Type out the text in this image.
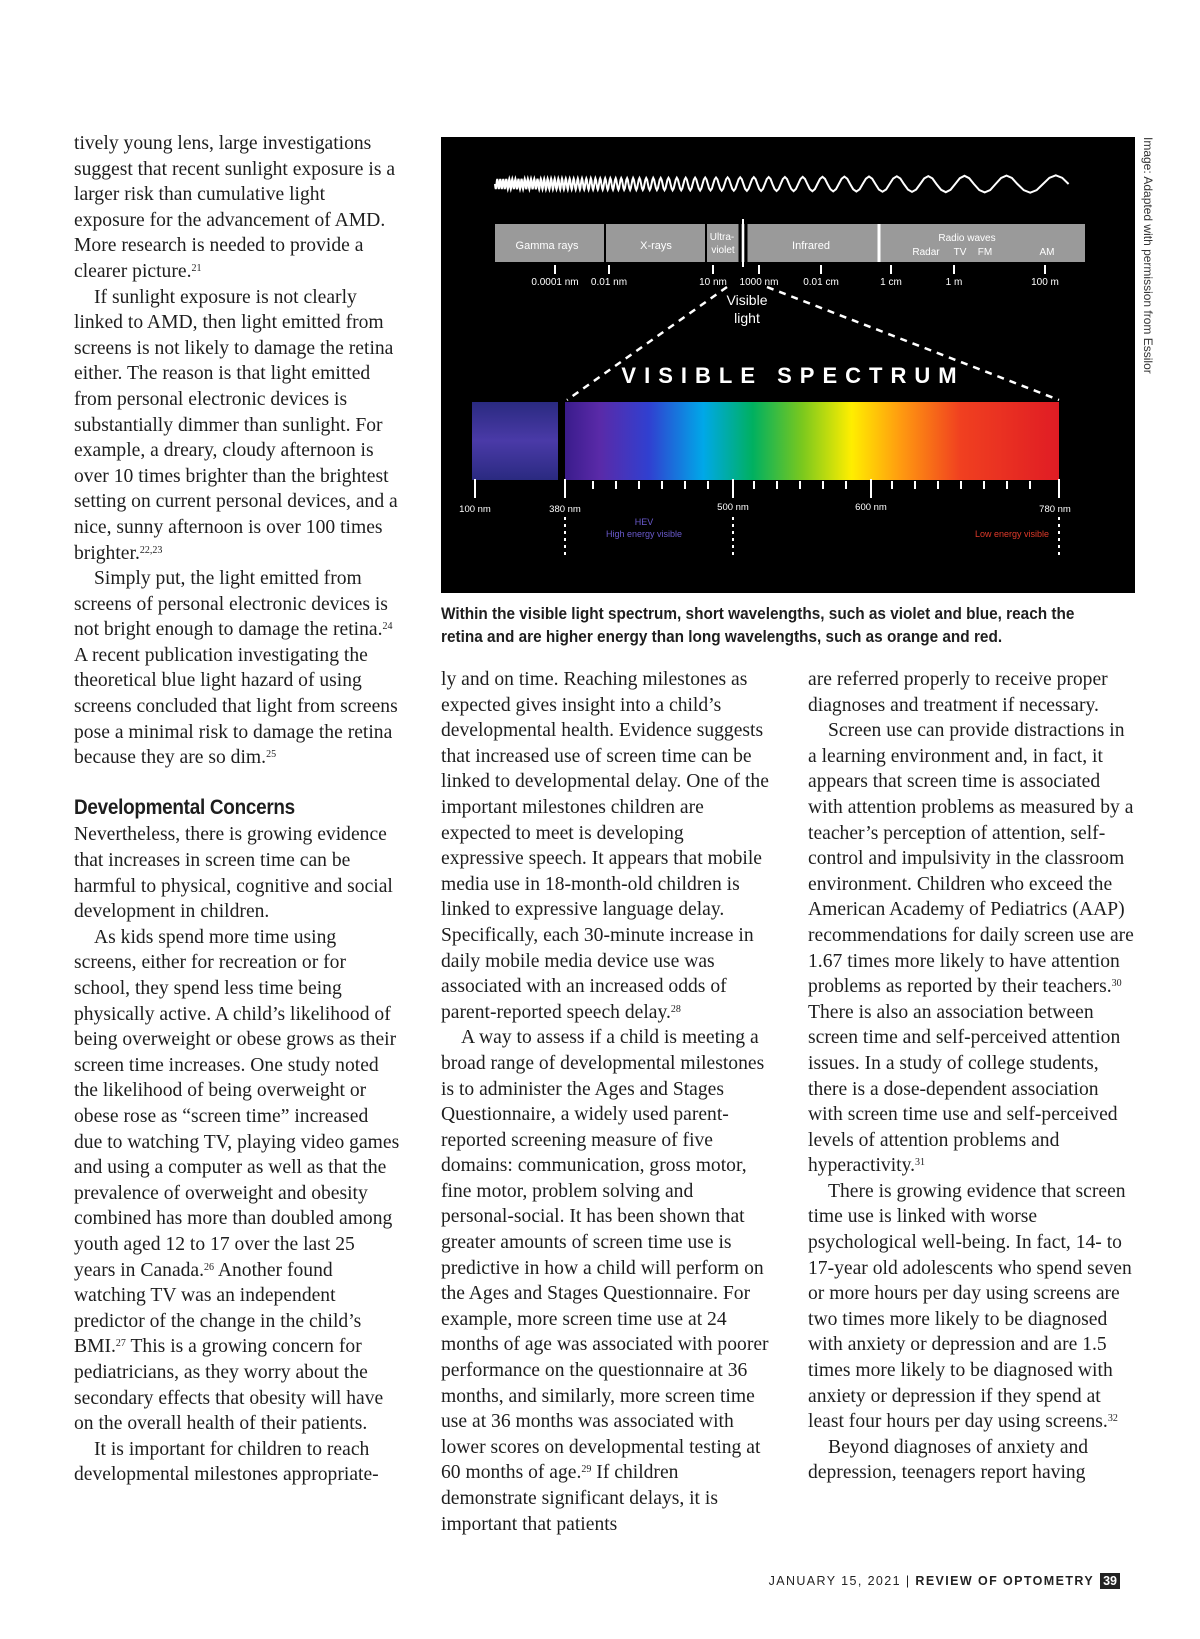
tively young lens, large investigations suggest that recent sunlight exposure is a larger risk than cumulative light exposure for the advancement of AMD. More research is needed to provide a clearer picture.$^{21}$

If sunlight exposure is not clearly linked to AMD, then light emitted from screens is not likely to damage the retina either. The reason is that light emitted from personal electronic devices is substantially dimmer than sunlight. For example, a dreary, cloudy afternoon is over 10 times brighter than the brightest setting on current personal devices, and a nice, sunny afternoon is over 100 times brighter.$^{22,23}$

Simply put, the light emitted from screens of personal electronic devices is not bright enough to damage the retina.$^{24}$ A recent publication investigating the theoretical blue light hazard of using screens concluded that light from screens pose a minimal risk to damage the retina because they are so dim.$^{25}$

Developmental Concerns

Nevertheless, there is growing evidence that increases in screen time can be harmful to physical, cognitive and social development in children.

As kids spend more time using screens, either for recreation or for school, they spend less time being physically active. A child’s likelihood of being overweight or obese grows as their screen time increases. One study noted the likelihood of being overweight or obese rose as “screen time” increased due to watching TV, playing video games and using a computer as well as that the prevalence of overweight and obesity combined has more than doubled among youth aged 12 to 17 over the last 25 years in Canada.$^{26}$ Another found watching TV was an independent predictor of the change in the child’s BMI.$^{27}$ This is a growing concern for pediatricians, as they worry about the secondary effects that obesity will have on the overall health of their patients.

It is important for children to reach developmental milestones appropriate-

Gamma rays	X-rays
Ultra-
violet	Infrared
Radio waves
Radar TV FM	AM
0.0001 nm 0.01 nm	10 nm 1000 nm 0.01 cm	1 cm	1 m	100 m
Visible
light
VISIBLE SPECTRUM
100 nm	380 nm	500 nm	600 nm	780 nm
HEV
High energy visible	Low energy visible
Image: Adapted with permission from Essilor
Within the visible light spectrum, short wavelengths, such as violet and blue, reach the retina and are higher energy than long wavelengths, such as orange and red.

ly and on time. Reaching milestones as expected gives insight into a child’s developmental health. Evidence suggests that increased use of screen time can be linked to developmental delay. One of the important milestones children are expected to meet is developing expressive speech. It appears that mobile media use in 18-month-old children is linked to expressive language delay. Specifically, each 30-minute increase in daily mobile media device use was associated with an increased odds of parent-reported speech delay.$^{28}$

A way to assess if a child is meeting a broad range of developmental milestones is to administer the Ages and Stages Questionnaire, a widely used parent-reported screening measure of five domains: communication, gross motor, fine motor, problem solving and personal-social. It has been shown that greater amounts of screen time use is predictive in how a child will perform on the Ages and Stages Questionnaire. For example, more screen time use at 24 months of age was associated with poorer performance on the questionnaire at 36 months, and similarly, more screen time use at 36 months was associated with lower scores on developmental testing at 60 months of age.$^{29}$ If children demonstrate significant delays, it is important that patients

are referred properly to receive proper diagnoses and treatment if necessary.

Screen use can provide distractions in a learning environment and, in fact, it appears that screen time is associated with attention problems as measured by a teacher’s perception of attention, self-control and impulsivity in the classroom environment. Children who exceed the American Academy of Pediatrics (AAP) recommendations for daily screen use are 1.67 times more likely to have attention problems as reported by their teachers.$^{30}$ There is also an association between screen time and self-perceived attention issues. In a study of college students, there is a dose-dependent association with screen time use and self-perceived levels of attention problems and hyperactivity.$^{31}$

There is growing evidence that screen time use is linked with worse psychological well-being. In fact, 14- to 17-year old adolescents who spend seven or more hours per day using screens are two times more likely to be diagnosed with anxiety or depression and are 1.5 times more likely to be diagnosed with anxiety or depression if they spend at least four hours per day using screens.$^{32}$

Beyond diagnoses of anxiety and depression, teenagers report having

JANUARY 15, 2021 | REVIEW OF OPTOMETRY 39
